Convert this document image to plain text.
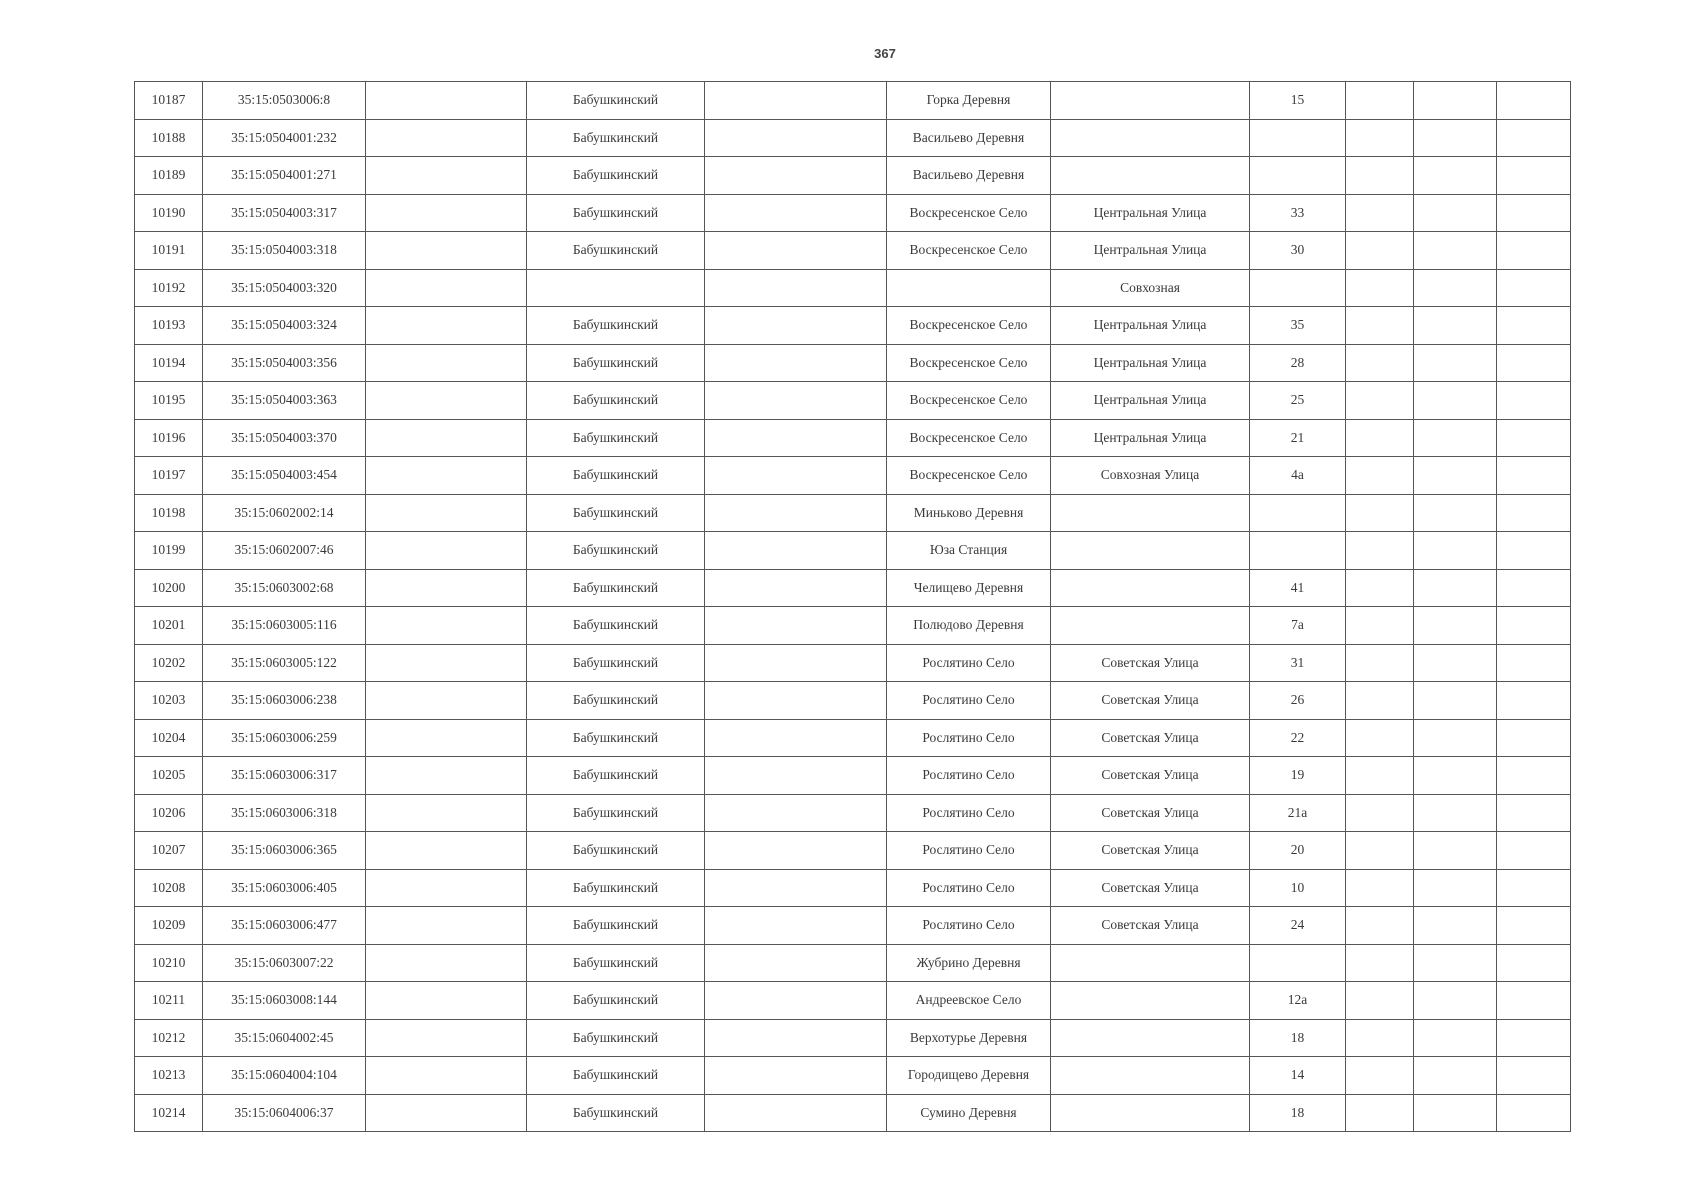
367
10187	35:15:0503006:8		Бабушкинский		Горка Деревня		15			
10188	35:15:0504001:232		Бабушкинский		Васильево Деревня					
10189	35:15:0504001:271		Бабушкинский		Васильево Деревня					
10190	35:15:0504003:317		Бабушкинский		Воскресенское Село	Центральная Улица	33			
10191	35:15:0504003:318		Бабушкинский		Воскресенское Село	Центральная Улица	30			
10192	35:15:0504003:320					Совхозная				
10193	35:15:0504003:324		Бабушкинский		Воскресенское Село	Центральная Улица	35			
10194	35:15:0504003:356		Бабушкинский		Воскресенское Село	Центральная Улица	28			
10195	35:15:0504003:363		Бабушкинский		Воскресенское Село	Центральная Улица	25			
10196	35:15:0504003:370		Бабушкинский		Воскресенское Село	Центральная Улица	21			
10197	35:15:0504003:454		Бабушкинский		Воскресенское Село	Совхозная Улица	4а			
10198	35:15:0602002:14		Бабушкинский		Миньково Деревня					
10199	35:15:0602007:46		Бабушкинский		Юза Станция					
10200	35:15:0603002:68		Бабушкинский		Челищево Деревня		41			
10201	35:15:0603005:116		Бабушкинский		Полюдово Деревня		7а			
10202	35:15:0603005:122		Бабушкинский		Рослятино Село	Советская Улица	31			
10203	35:15:0603006:238		Бабушкинский		Рослятино Село	Советская Улица	26			
10204	35:15:0603006:259		Бабушкинский		Рослятино Село	Советская Улица	22			
10205	35:15:0603006:317		Бабушкинский		Рослятино Село	Советская Улица	19			
10206	35:15:0603006:318		Бабушкинский		Рослятино Село	Советская Улица	21а			
10207	35:15:0603006:365		Бабушкинский		Рослятино Село	Советская Улица	20			
10208	35:15:0603006:405		Бабушкинский		Рослятино Село	Советская Улица	10			
10209	35:15:0603006:477		Бабушкинский		Рослятино Село	Советская Улица	24			
10210	35:15:0603007:22		Бабушкинский		Жубрино Деревня					
10211	35:15:0603008:144		Бабушкинский		Андреевское Село		12а			
10212	35:15:0604002:45		Бабушкинский		Верхотурье Деревня		18			
10213	35:15:0604004:104		Бабушкинский		Городищево Деревня		14			
10214	35:15:0604006:37		Бабушкинский		Сумино Деревня		18			
